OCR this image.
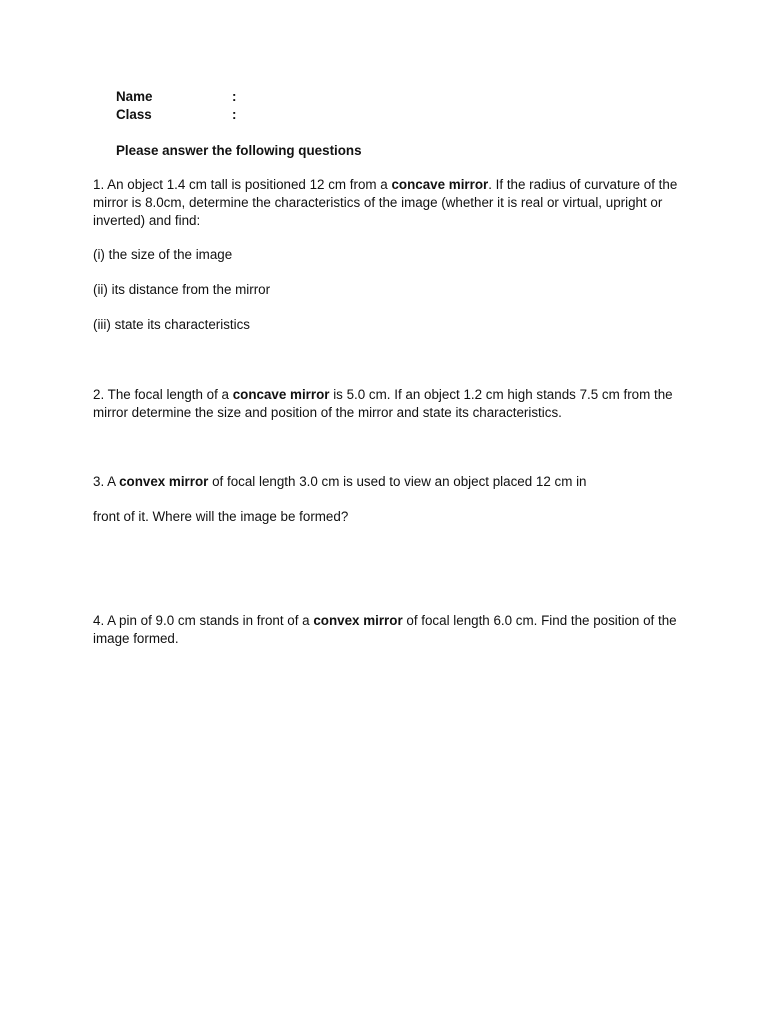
Name	:
Class	:
Please answer the following questions

1. An object 1.4 cm tall is positioned 12 cm from a concave mirror. If the radius of curvature of the mirror is 8.0cm, determine the characteristics of the image (whether it is real or virtual, upright or inverted) and find:

(i) the size of the image

(ii) its distance from the mirror

(iii) state its characteristics

2. The focal length of a concave mirror is 5.0 cm. If an object 1.2 cm high stands 7.5 cm from the mirror determine the size and position of the mirror and state its characteristics.

3. A convex mirror of focal length 3.0 cm is used to view an object placed 12 cm in

front of it. Where will the image be formed?

4. A pin of 9.0 cm stands in front of a convex mirror of focal length 6.0 cm. Find the position of the image formed.
